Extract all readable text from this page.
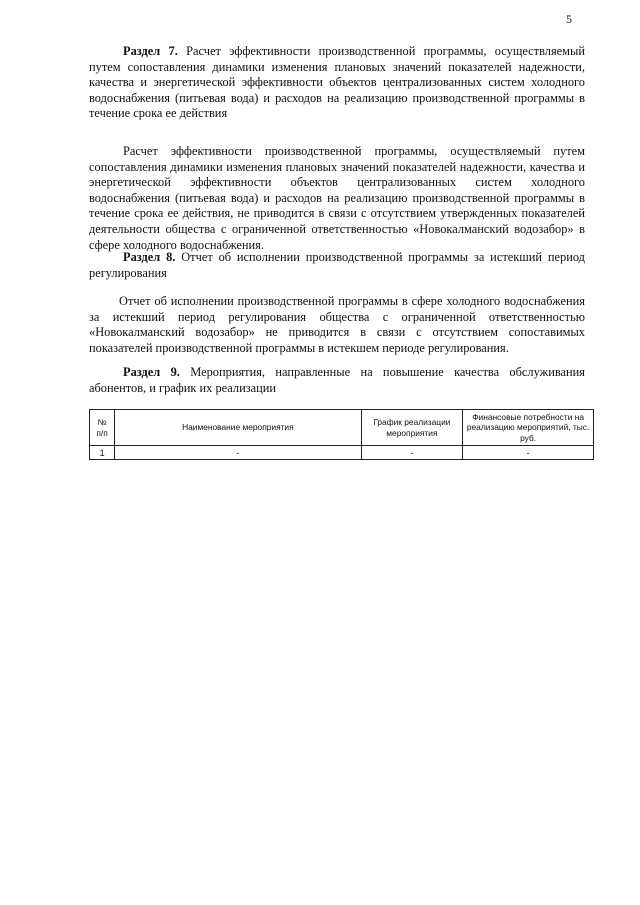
5
Раздел 7. Расчет эффективности производственной программы, осуществляемый путем сопоставления динамики изменения плановых значений показателей надежности, качества и энергетической эффективности объектов централизованных систем холодного водоснабжения (питьевая вода) и расходов на реализацию производственной программы в течение срока ее действия
Расчет эффективности производственной программы, осуществляемый путем сопоставления динамики изменения плановых значений показателей надежности, качества и энергетической эффективности объектов централизованных систем холодного водоснабжения (питьевая вода) и расходов на реализацию производственной программы в течение срока ее действия, не приводится в связи с отсутствием утвержденных показателей деятельности общества с ограниченной ответственностью «Новокалманский водозабор» в сфере холодного водоснабжения.
Раздел 8. Отчет об исполнении производственной программы за истекший период регулирования
Отчет об исполнении производственной программы в сфере холодного водоснабжения за истекший период регулирования общества с ограниченной ответственностью «Новокалманский водозабор» не приводится в связи с отсутствием сопоставимых показателей производственной программы в истекшем периоде регулирования.
Раздел 9. Мероприятия, направленные на повышение качества обслуживания абонентов, и график их реализации
№ п/п	Наименование мероприятия	График реализации мероприятия	Финансовые потребности на реализацию мероприятий, тыс. руб.
1	-	-	-
